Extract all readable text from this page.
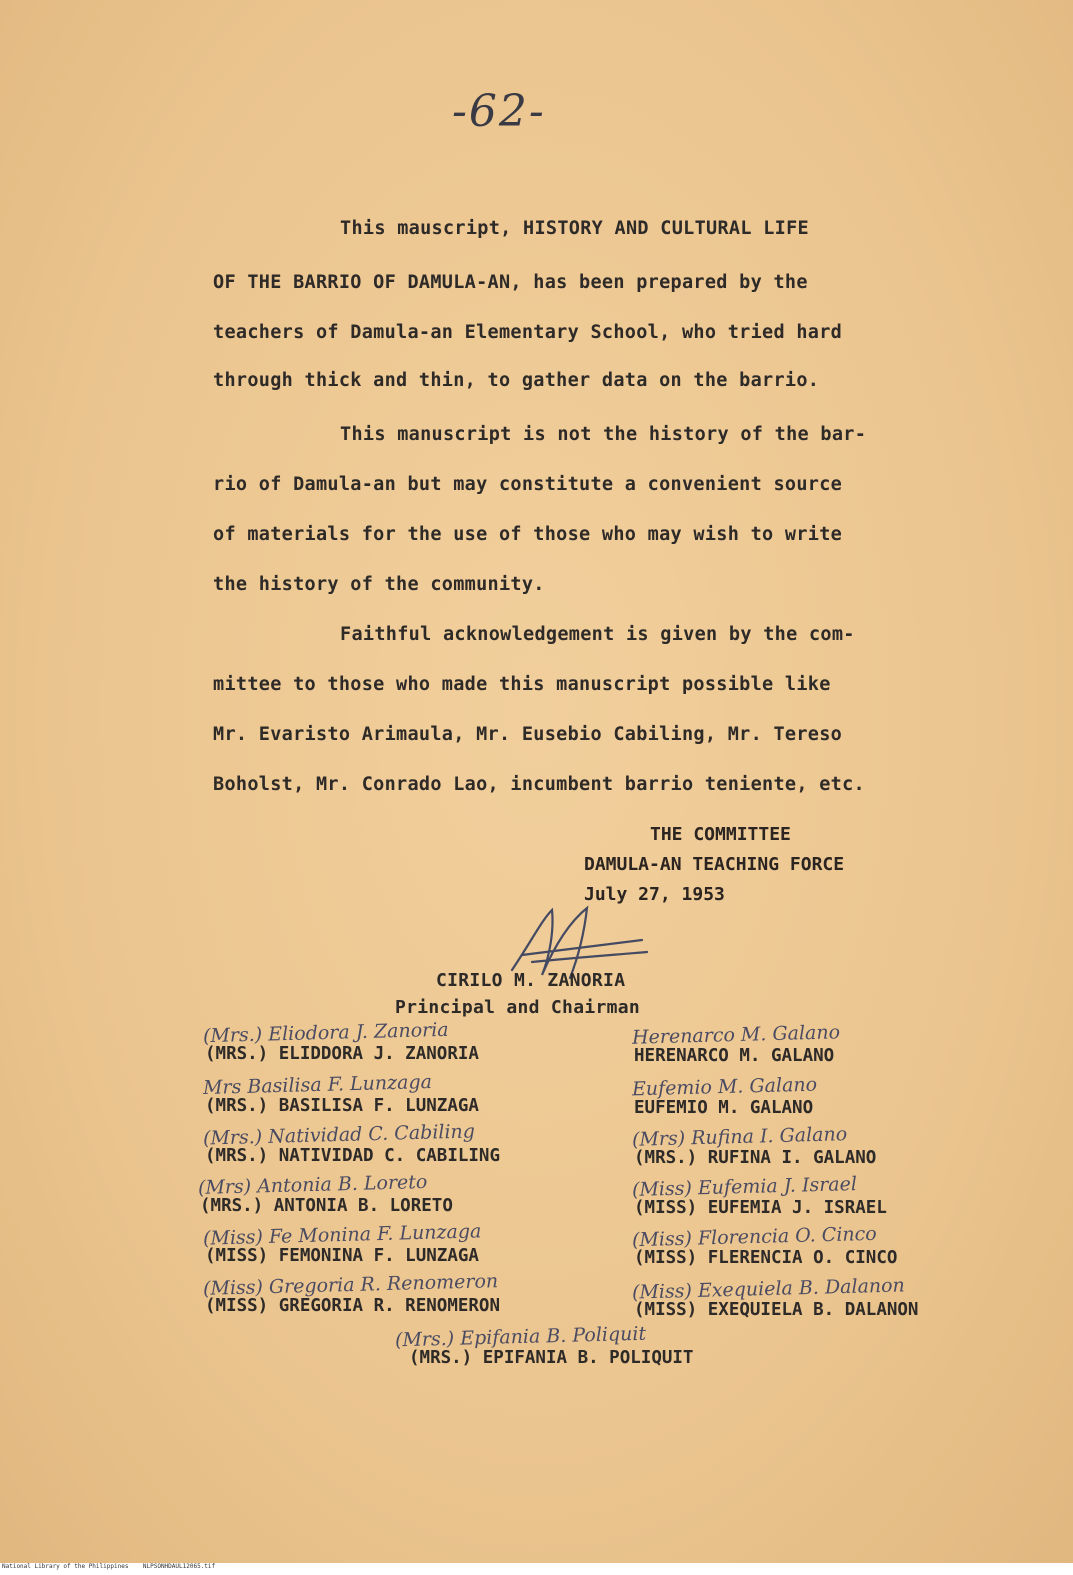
-62-
This mauscript, HISTORY AND CULTURAL LIFE
OF THE BARRIO OF DAMULA-AN, has been prepared by the
teachers of Damula-an Elementary School, who tried hard
through thick and thin, to gather data on the barrio.
This manuscript is not the history of the bar-
rio of Damula-an but may constitute a convenient source
of materials for the use of those who may wish to write
the history of the community.
Faithful acknowledgement is given by the com-
mittee to those who made this manuscript possible like
Mr. Evaristo Arimaula, Mr. Eusebio Cabiling, Mr. Tereso
Boholst, Mr. Conrado Lao, incumbent barrio teniente, etc.
THE COMMITTEE
DAMULA-AN TEACHING FORCE
July 27, 1953
CIRILO M. ZANORIA
Principal and Chairman
(Mrs.) Eliodora J. Zanoria
(MRS.) ELIDDORA J. ZANORIA
Mrs Basilisa F. Lunzaga
(MRS.) BASILISA F. LUNZAGA
(Mrs.) Natividad C. Cabiling
(MRS.) NATIVIDAD C. CABILING
(Mrs) Antonia B. Loreto
(MRS.) ANTONIA B. LORETO
(Miss) Fe Monina F. Lunzaga
(MISS) FEMONINA F. LUNZAGA
(Miss) Gregoria R. Renomeron
(MISS) GREGORIA R. RENOMERON
Herenarco M. Galano
HERENARCO M. GALANO
Eufemio M. Galano
EUFEMIO M. GALANO
(Mrs) Rufina I. Galano
(MRS.) RUFINA I. GALANO
(Miss) Eufemia J. Israel
(MISS) EUFEMIA J. ISRAEL
(Miss) Florencia O. Cinco
(MISS) FLERENCIA O. CINCO
(Miss) Exequiela B. Dalanon
(MISS) EXEQUIELA B. DALANON
(Mrs.) Epifania B. Poliquit
(MRS.) EPIFANIA B. POLIQUIT
National Library of the Philippines    NLPSONHDAUL12065.tif
